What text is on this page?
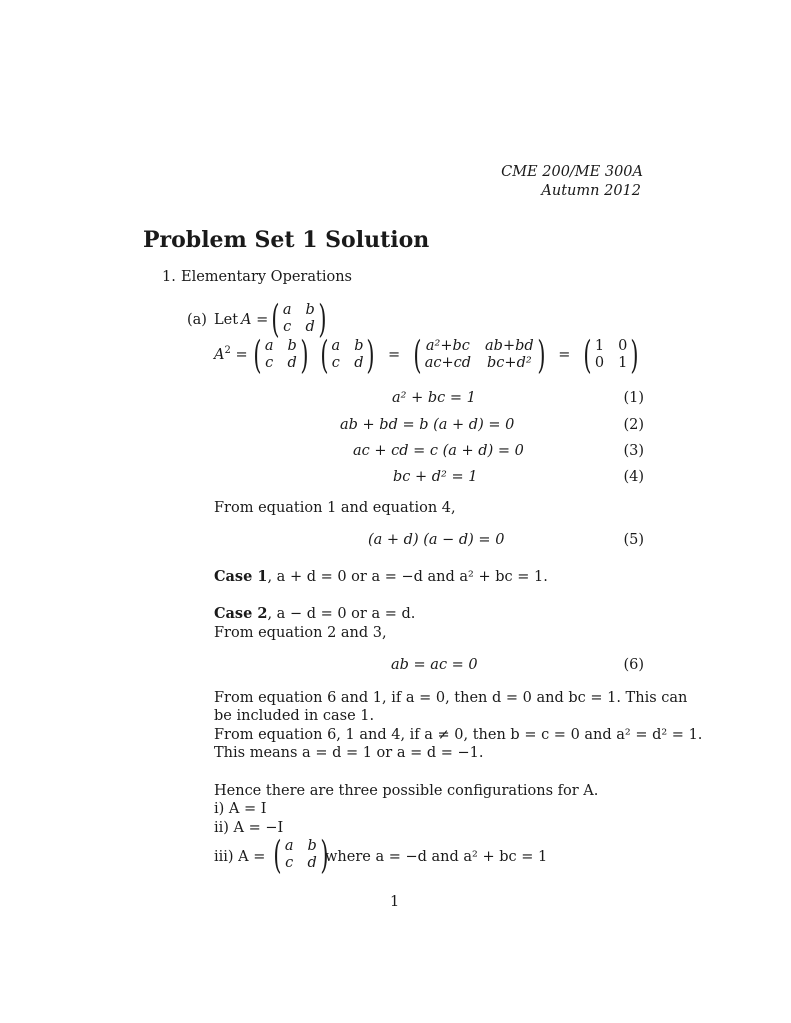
CME 200/ME 300A
Autumn 2012
Problem Set 1 Solution
1. Elementary Operations
(a) Let A = ( a b
c d )
$A^2$ = ( a b
c d )
( a b
c d ) = ( a²+bc ab+bd
ac+cd bc+d² ) = ( 1 0
0 1 )
a² + bc = 1	(1)
ab + bd = b (a + d) = 0	(2)
ac + cd = c (a + d) = 0	(3)
bc + d² = 1	(4)
From equation 1 and equation 4,
(a + d) (a − d) = 0	(5)
Case 1, a + d = 0 or a = −d and a² + bc = 1.
Case 2, a − d = 0 or a = d.
From equation 2 and 3,
ab = ac = 0	(6)
From equation 6 and 1, if a = 0, then d = 0 and bc = 1. This can
be included in case 1.
From equation 6, 1 and 4, if a ≠ 0, then b = c = 0 and a² = d² = 1.
This means a = d = 1 or a = d = −1.
Hence there are three possible configurations for A.
i) A = I
ii) A = −I
iii) A = ( a b
c d )
where a = −d and a² + bc = 1
1
